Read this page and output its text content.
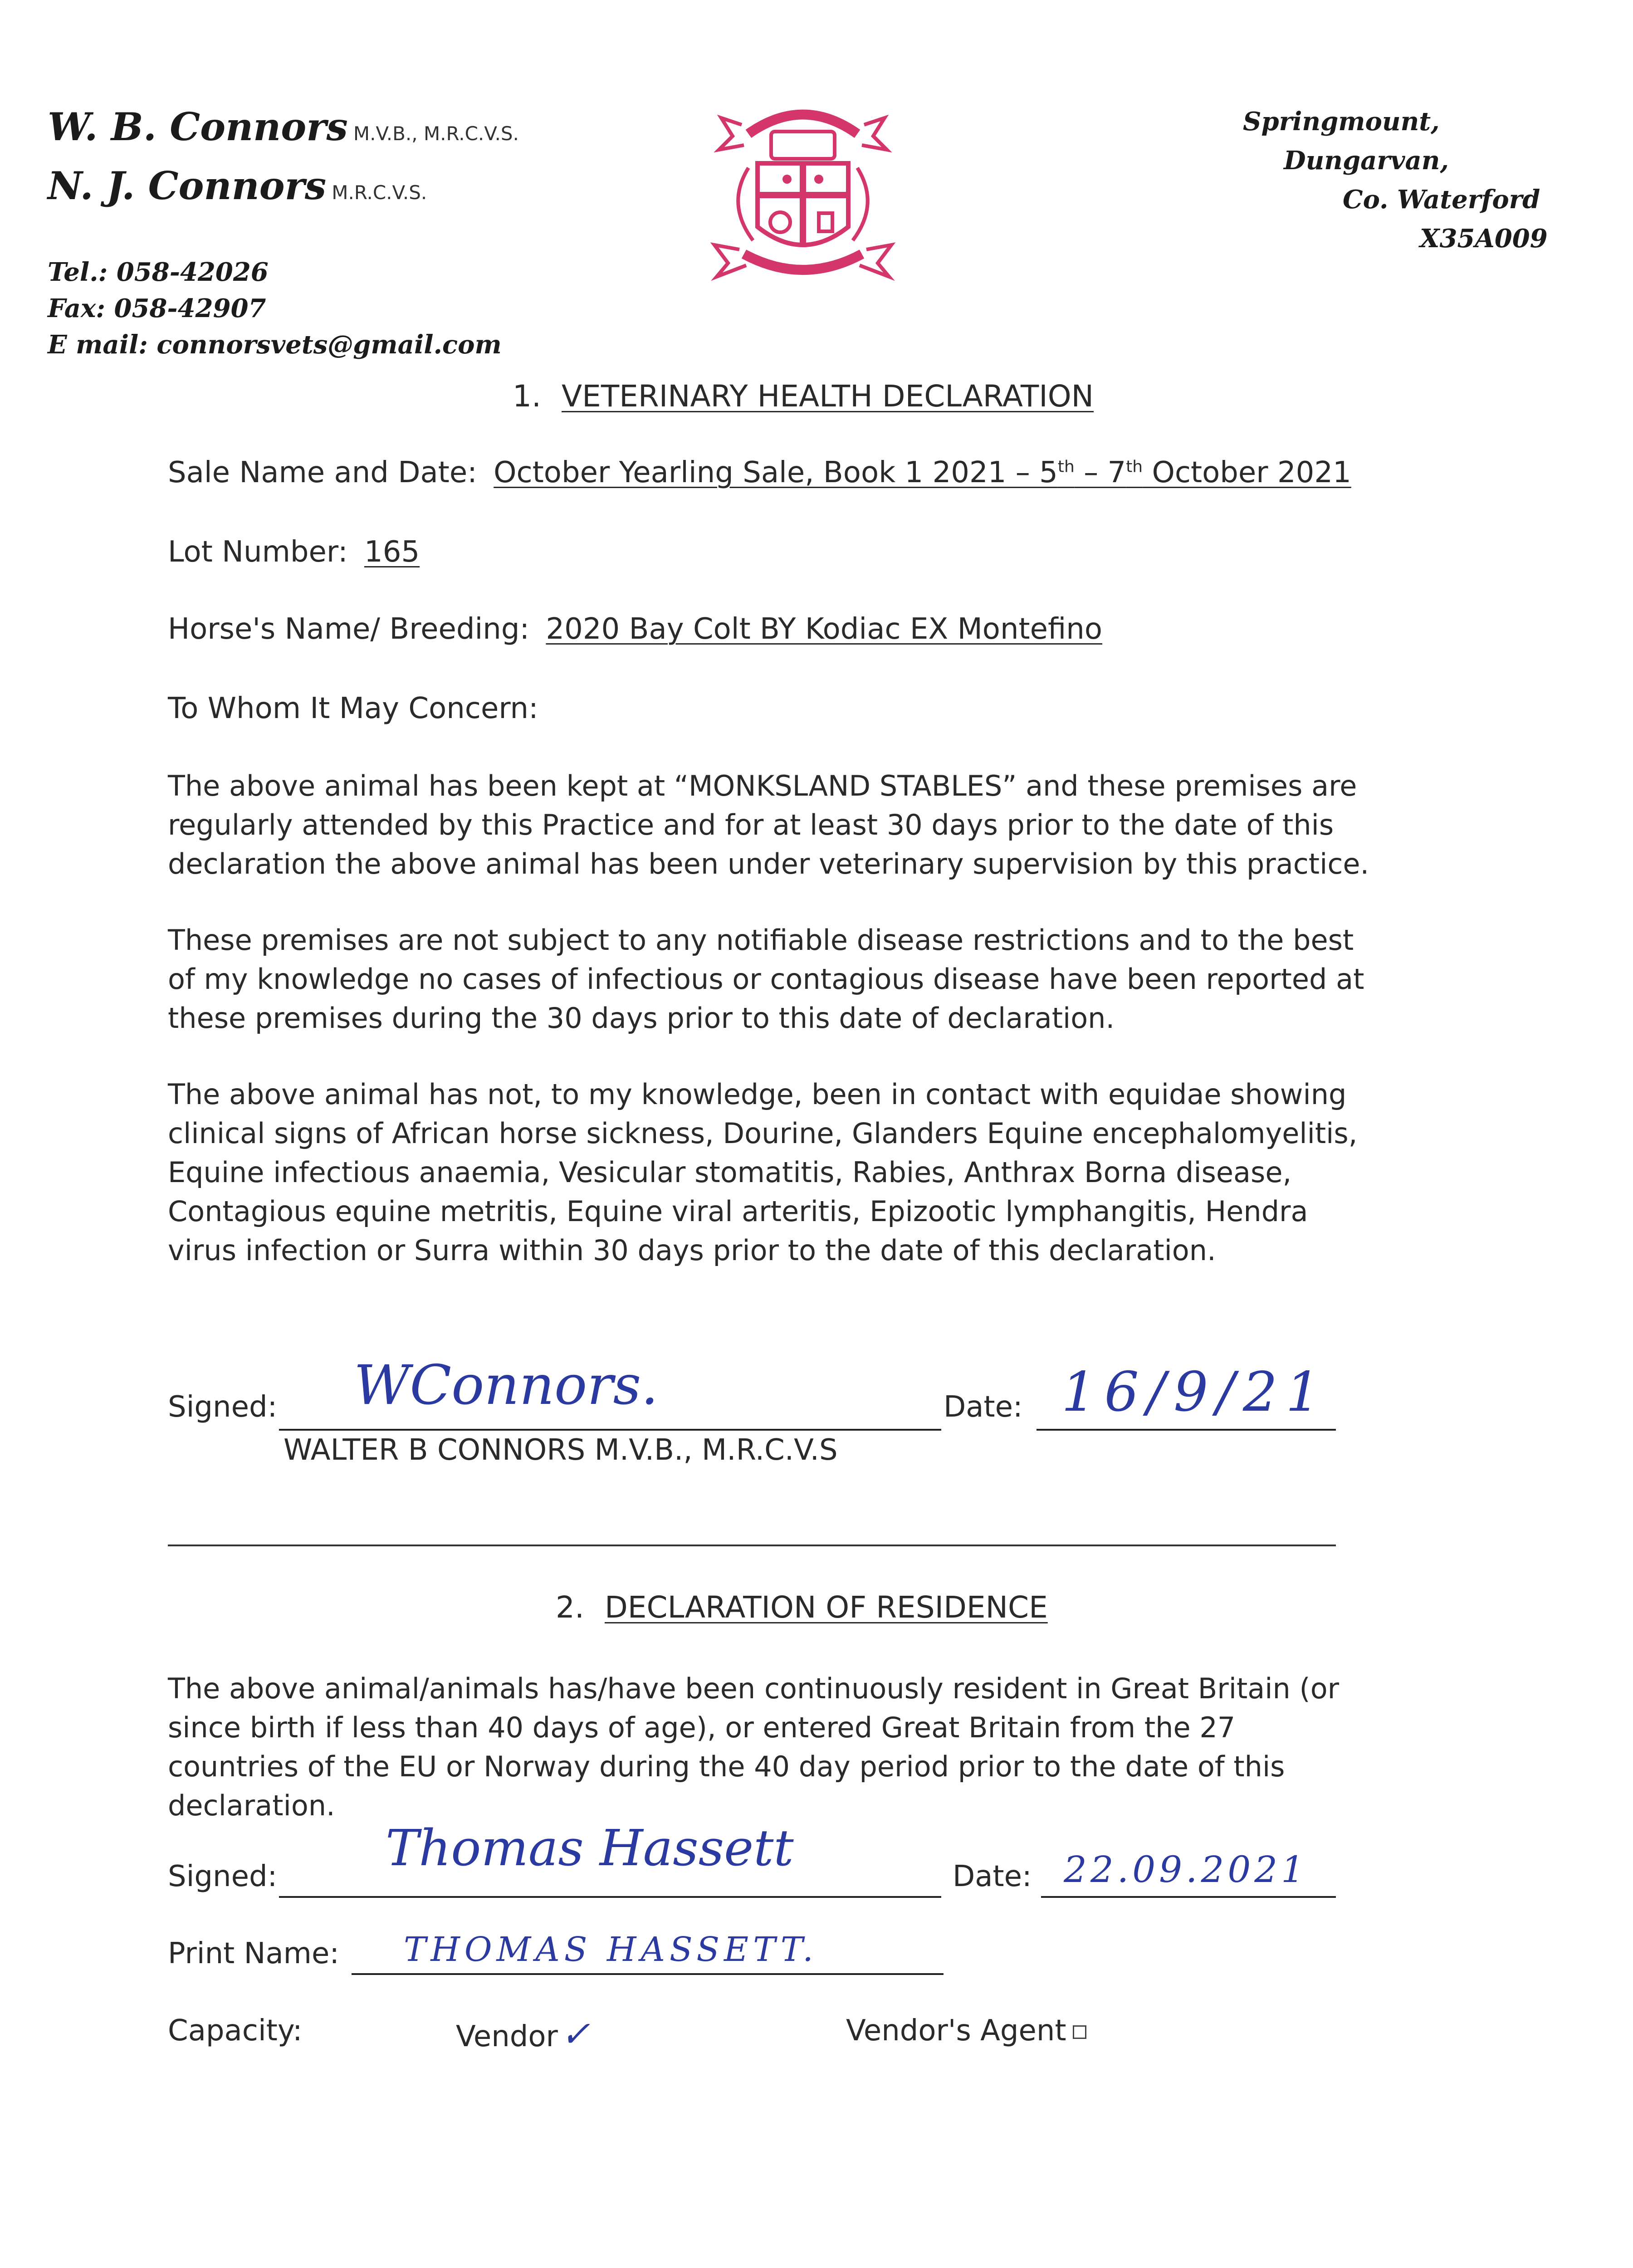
W. B. Connors M.V.B., M.R.C.V.S.
N. J. Connors M.R.C.V.S.
Tel.: 058-42026
Fax: 058-42907
E mail: connorsvets@gmail.com
Springmount,
Dungarvan,
Co. Waterford
X35A009
1. VETERINARY HEALTH DECLARATION
Sale Name and Date: October Yearling Sale, Book 1 2021 – 5th – 7th October 2021
Lot Number: 165
Horse's Name/ Breeding: 2020 Bay Colt BY Kodiac EX Montefino
To Whom It May Concern:

The above animal has been kept at “MONKSLAND STABLES” and these premises are

regularly attended by this Practice and for at least 30 days prior to the date of this

declaration the above animal has been under veterinary supervision by this practice.

These premises are not subject to any notifiable disease restrictions and to the best

of my knowledge no cases of infectious or contagious disease have been reported at

these premises during the 30 days prior to this date of declaration.

The above animal has not, to my knowledge, been in contact with equidae showing

clinical signs of African horse sickness, Dourine, Glanders Equine encephalomyelitis,

Equine infectious anaemia, Vesicular stomatitis, Rabies, Anthrax Borna disease,

Contagious equine metritis, Equine viral arteritis, Epizootic lymphangitis, Hendra

virus infection or Surra within 30 days prior to the date of this declaration.

Signed: WConnors.	Date: 16/9/21
WALTER B CONNORS M.V.B., M.R.C.V.S
2. DECLARATION OF RESIDENCE

The above animal/animals has/have been continuously resident in Great Britain (or

since birth if less than 40 days of age), or entered Great Britain from the 27

countries of the EU or Norway during the 40 day period prior to the date of this

declaration.

Signed: Thomas Hassett	Date: 22.09.2021
Print Name: THOMAS HASSETT.
Capacity:	Vendor✓	Vendor's Agent
